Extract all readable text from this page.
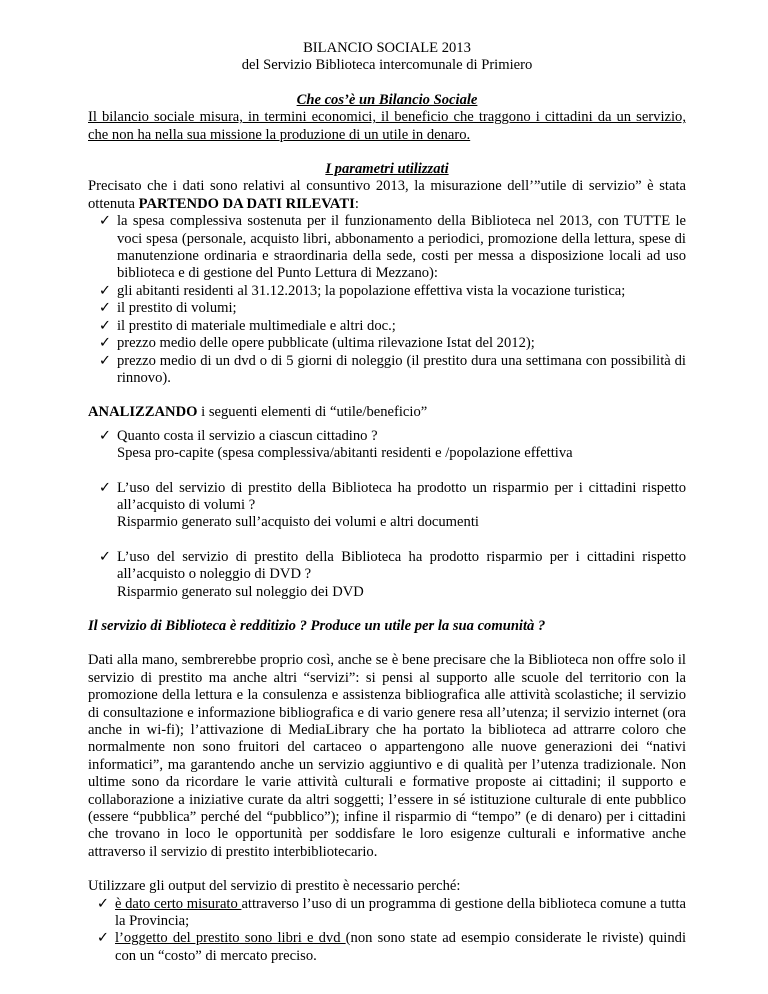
BILANCIO SOCIALE 2013
del Servizio Biblioteca intercomunale di Primiero
Che cos’è un Bilancio Sociale
Il bilancio sociale misura, in termini economici, il beneficio che traggono i cittadini da un servizio, che non ha nella sua missione la produzione di un utile in denaro.
I parametri utilizzati
Precisato che i dati sono relativi al consuntivo 2013, la misurazione dell’”utile di servizio” è stata ottenuta PARTENDO DA DATI RILEVATI:
✓ la spesa complessiva sostenuta per il funzionamento della Biblioteca nel 2013, con TUTTE le voci spesa (personale, acquisto libri, abbonamento a periodici, promozione della lettura, spese di manutenzione ordinaria e straordinaria della sede, costi per messa a disposizione locali ad uso biblioteca e di gestione del Punto Lettura di Mezzano):
✓ gli abitanti residenti al 31.12.2013; la popolazione effettiva vista la vocazione turistica;
✓ il prestito di volumi;
✓ il prestito di materiale multimediale e altri doc.;
✓ prezzo medio delle opere pubblicate (ultima rilevazione Istat del 2012);
✓ prezzo medio di un dvd o di 5 giorni di noleggio (il prestito dura una settimana con possibilità di rinnovo).
ANALIZZANDO i seguenti elementi di “utile/beneficio”
✓ Quanto costa il servizio a ciascun cittadino ?
Spesa pro-capite (spesa complessiva/abitanti residenti e /popolazione effettiva
✓ L’uso del servizio di prestito della Biblioteca ha prodotto un risparmio per i cittadini rispetto all’acquisto di volumi ?
Risparmio generato sull’acquisto dei volumi e altri documenti
✓ L’uso del servizio di prestito della Biblioteca ha prodotto risparmio per i cittadini rispetto all’acquisto o noleggio di DVD ?
Risparmio generato sul noleggio dei DVD
Il servizio di Biblioteca è redditizio ? Produce un utile per la sua comunità ?
Dati alla mano, sembrerebbe proprio così, anche se è bene precisare che la Biblioteca non offre solo il servizio di prestito ma anche altri “servizi”: si pensi al supporto alle scuole del territorio con la promozione della lettura e la consulenza e assistenza bibliografica alle attività scolastiche; il servizio di consultazione e informazione bibliografica e di vario genere resa all’utenza; il servizio internet (ora anche in wi-fi); l’attivazione di MediaLibrary che ha portato la biblioteca ad attrarre coloro che normalmente non sono fruitori del cartaceo o appartengono alle nuove generazioni dei “nativi informatici”, ma garantendo anche un servizio aggiuntivo e di qualità per l’utenza tradizionale. Non ultime sono da ricordare le varie attività culturali e formative proposte ai cittadini; il supporto e collaborazione a iniziative curate da altri soggetti; l’essere in sé istituzione culturale di ente pubblico (essere “pubblica” perché del “pubblico”); infine il risparmio di “tempo” (e di denaro) per i cittadini che trovano in loco le opportunità per soddisfare le loro esigenze culturali e informative anche attraverso il servizio di prestito interbibliotecario.
Utilizzare gli output del servizio di prestito è necessario perché:
✓ è dato certo misurato attraverso l’uso di un programma di gestione della biblioteca comune a tutta la Provincia;
✓ l’oggetto del prestito sono libri e dvd (non sono state ad esempio considerate le riviste) quindi con un “costo” di mercato preciso.
